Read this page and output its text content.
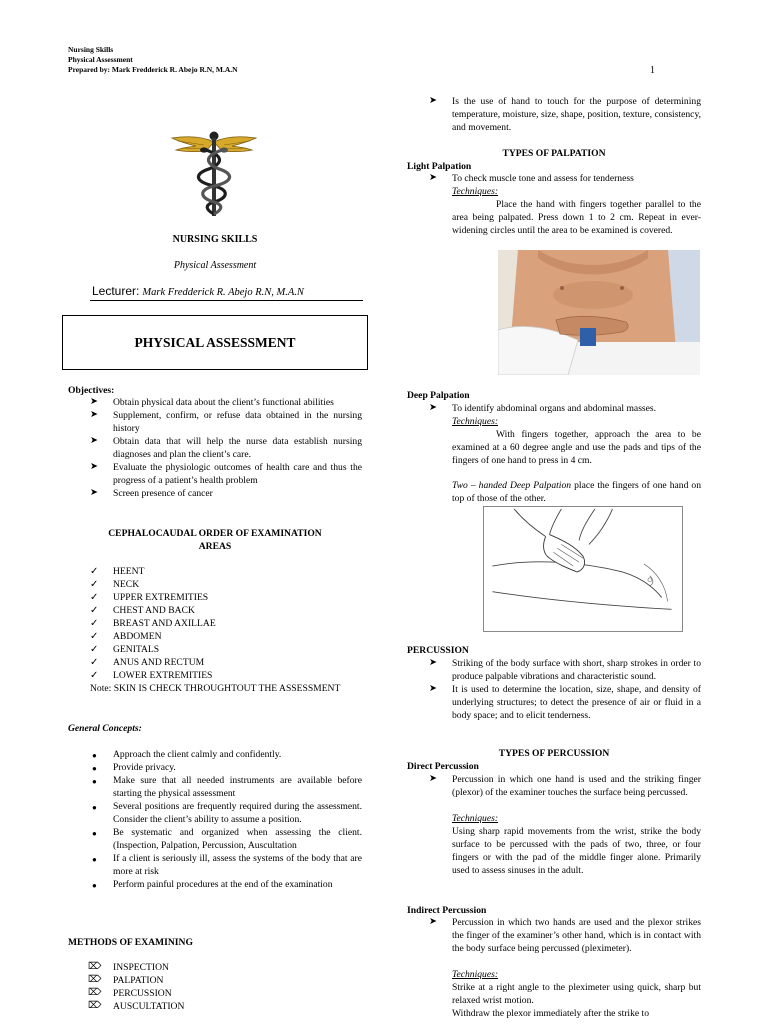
Nursing Skills
Physical Assessment
Prepared by: Mark Fredderick R. Abejo R.N, M.A.N	1
NURSING SKILLS
Physical Assessment
Lecturer: Mark Fredderick R. Abejo R.N, M.A.N
PHYSICAL ASSESSMENT
Objectives:
➤ Obtain physical data about the client’s functional abilities
➤ Supplement, confirm, or refuse data obtained in the nursing history
➤ Obtain data that will help the nurse data establish nursing diagnoses and plan the client’s care.
➤ Evaluate the physiologic outcomes of health care and thus the progress of a patient’s health problem
➤ Screen presence of cancer
CEPHALOCAUDAL ORDER OF EXAMINATION
AREAS
✓ HEENT
✓ NECK
✓ UPPER EXTREMITIES
✓ CHEST AND BACK
✓ BREAST AND AXILLAE
✓ ABDOMEN
✓ GENITALS
✓ ANUS AND RECTUM
✓ LOWER EXTREMITIES
Note: SKIN IS CHECK THROUGHTOUT THE ASSESSMENT
General Concepts:
● Approach the client calmly and confidently.
● Provide privacy.
● Make sure that all needed instruments are available before starting the physical assessment
● Several positions are frequently required during the assessment. Consider the client’s ability to assume a position.
● Be systematic and organized when assessing the client. (Inspection, Palpation, Percussion, Auscultation
● If a client is seriously ill, assess the systems of the body that are more at risk
● Perform painful procedures at the end of the examination
METHODS OF EXAMINING
⌦ INSPECTION
⌦ PALPATION
⌦ PERCUSSION
⌦ AUSCULTATION
➤ Is the use of hand to touch for the purpose of determining temperature, moisture, size, shape, position, texture, consistency, and movement.
TYPES OF PALPATION
Light Palpation
➤ To check muscle tone and assess for tenderness
Techniques:
Place the hand with fingers together parallel to the area being palpated. Press down 1 to 2 cm. Repeat in ever-widening circles until the area to be examined is covered.
Deep Palpation
➤ To identify abdominal organs and abdominal masses.
Techniques:
With fingers together, approach the area to be examined at a 60 degree angle and use the pads and tips of the fingers of one hand to press in 4 cm.
Two – handed Deep Palpation place the fingers of one hand on top of those of the other.
PERCUSSION
➤ Striking of the body surface with short, sharp strokes in order to produce palpable vibrations and characteristic sound.
➤ It is used to determine the location, size, shape, and density of underlying structures; to detect the presence of air or fluid in a body space; and to elicit tenderness.
TYPES OF PERCUSSION
Direct Percussion
➤ Percussion in which one hand is used and the striking finger (plexor) of the examiner touches the surface being percussed.
Techniques:
Using sharp rapid movements from the wrist, strike the body surface to be percussed with the pads of two, three, or four fingers or with the pad of the middle finger alone. Primarily used to assess sinuses in the adult.
Indirect Percussion
➤ Percussion in which two hands are used and the plexor strikes the finger of the examiner’s other hand, which is in contact with the body surface being percussed (pleximeter).
Techniques:
Strike at a right angle to the pleximeter using quick, sharp but relaxed wrist motion.
Withdraw the plexor immediately after the strike to
